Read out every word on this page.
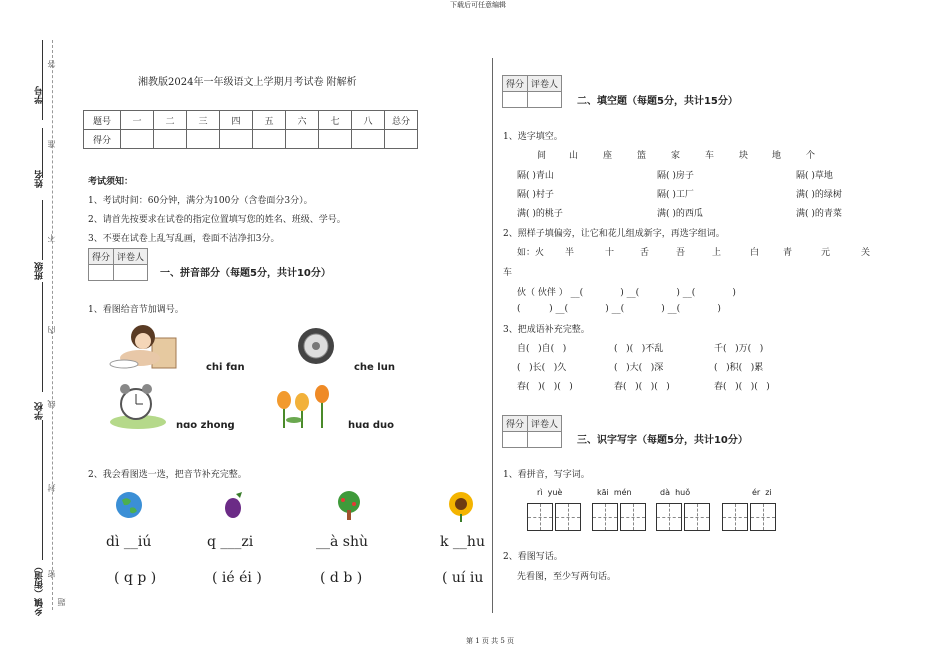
下载后可任意编辑
第 1 页 共 5 页
学号
姓名
班级
学校
乡镇（街道） 密
封
线
内
不
准
答
题
湘教版2024年一年级语文上学期月考试卷 附解析
题号	一	二	三	四	五	六	七	八	总分
得分									
考试须知：
1、考试时间：60分钟，满分为100分（含卷面分3分）。
2、请首先按要求在试卷的指定位置填写您的姓名、班级、学号。
3、不要在试卷上乱写乱画，卷面不洁净扣3分。
得分	评卷人

一、拼音部分（每题5分，共计10分）
1、看图给音节加调号。
chi fɑn	che lun
nɑo zhong	huɑ duo
2、我会看图选一选，把音节补充完整。
dì __iú	q ___zi	__à shù	k __hu
( q p )	( ié éi )	( d b )	( uí iu
得分	评卷人

二、填空题（每题5分，共计15分）
1、选字填空。
间	山	座	篮	家	车	块	地	个
隔( )青山	隔( )房子	隔( )草地
隔( )村子	隔( )工厂	满( )的绿树
满( )的桃子	满( )的西瓜	满( )的青菜
2、照样子填偏旁，让它和花儿组成新字，再选字组词。
如：火 半	十	舌	吾	上	白	青	元	关
车
伙（ 伙伴 ） __(             ) __(             ) __(             )
(          ) __(             ) __(             ) __(             )
3、把成语补充完整。
自(   )自(   )	(   )(   )不乱	千(   )万(   )
(   )长(   )久	(   )大(   )深	(   )积(   )累
春(   )(   )(   )	春(   )(   )(   )	春(   )(   )(   )
得分	评卷人

三、识字写字（每题5分，共计10分）
1、看拼音，写字词。
rì  yuè	kāi  mén	dà  huǒ	ér  zi
2、看图写话。
先看图，至少写两句话。
